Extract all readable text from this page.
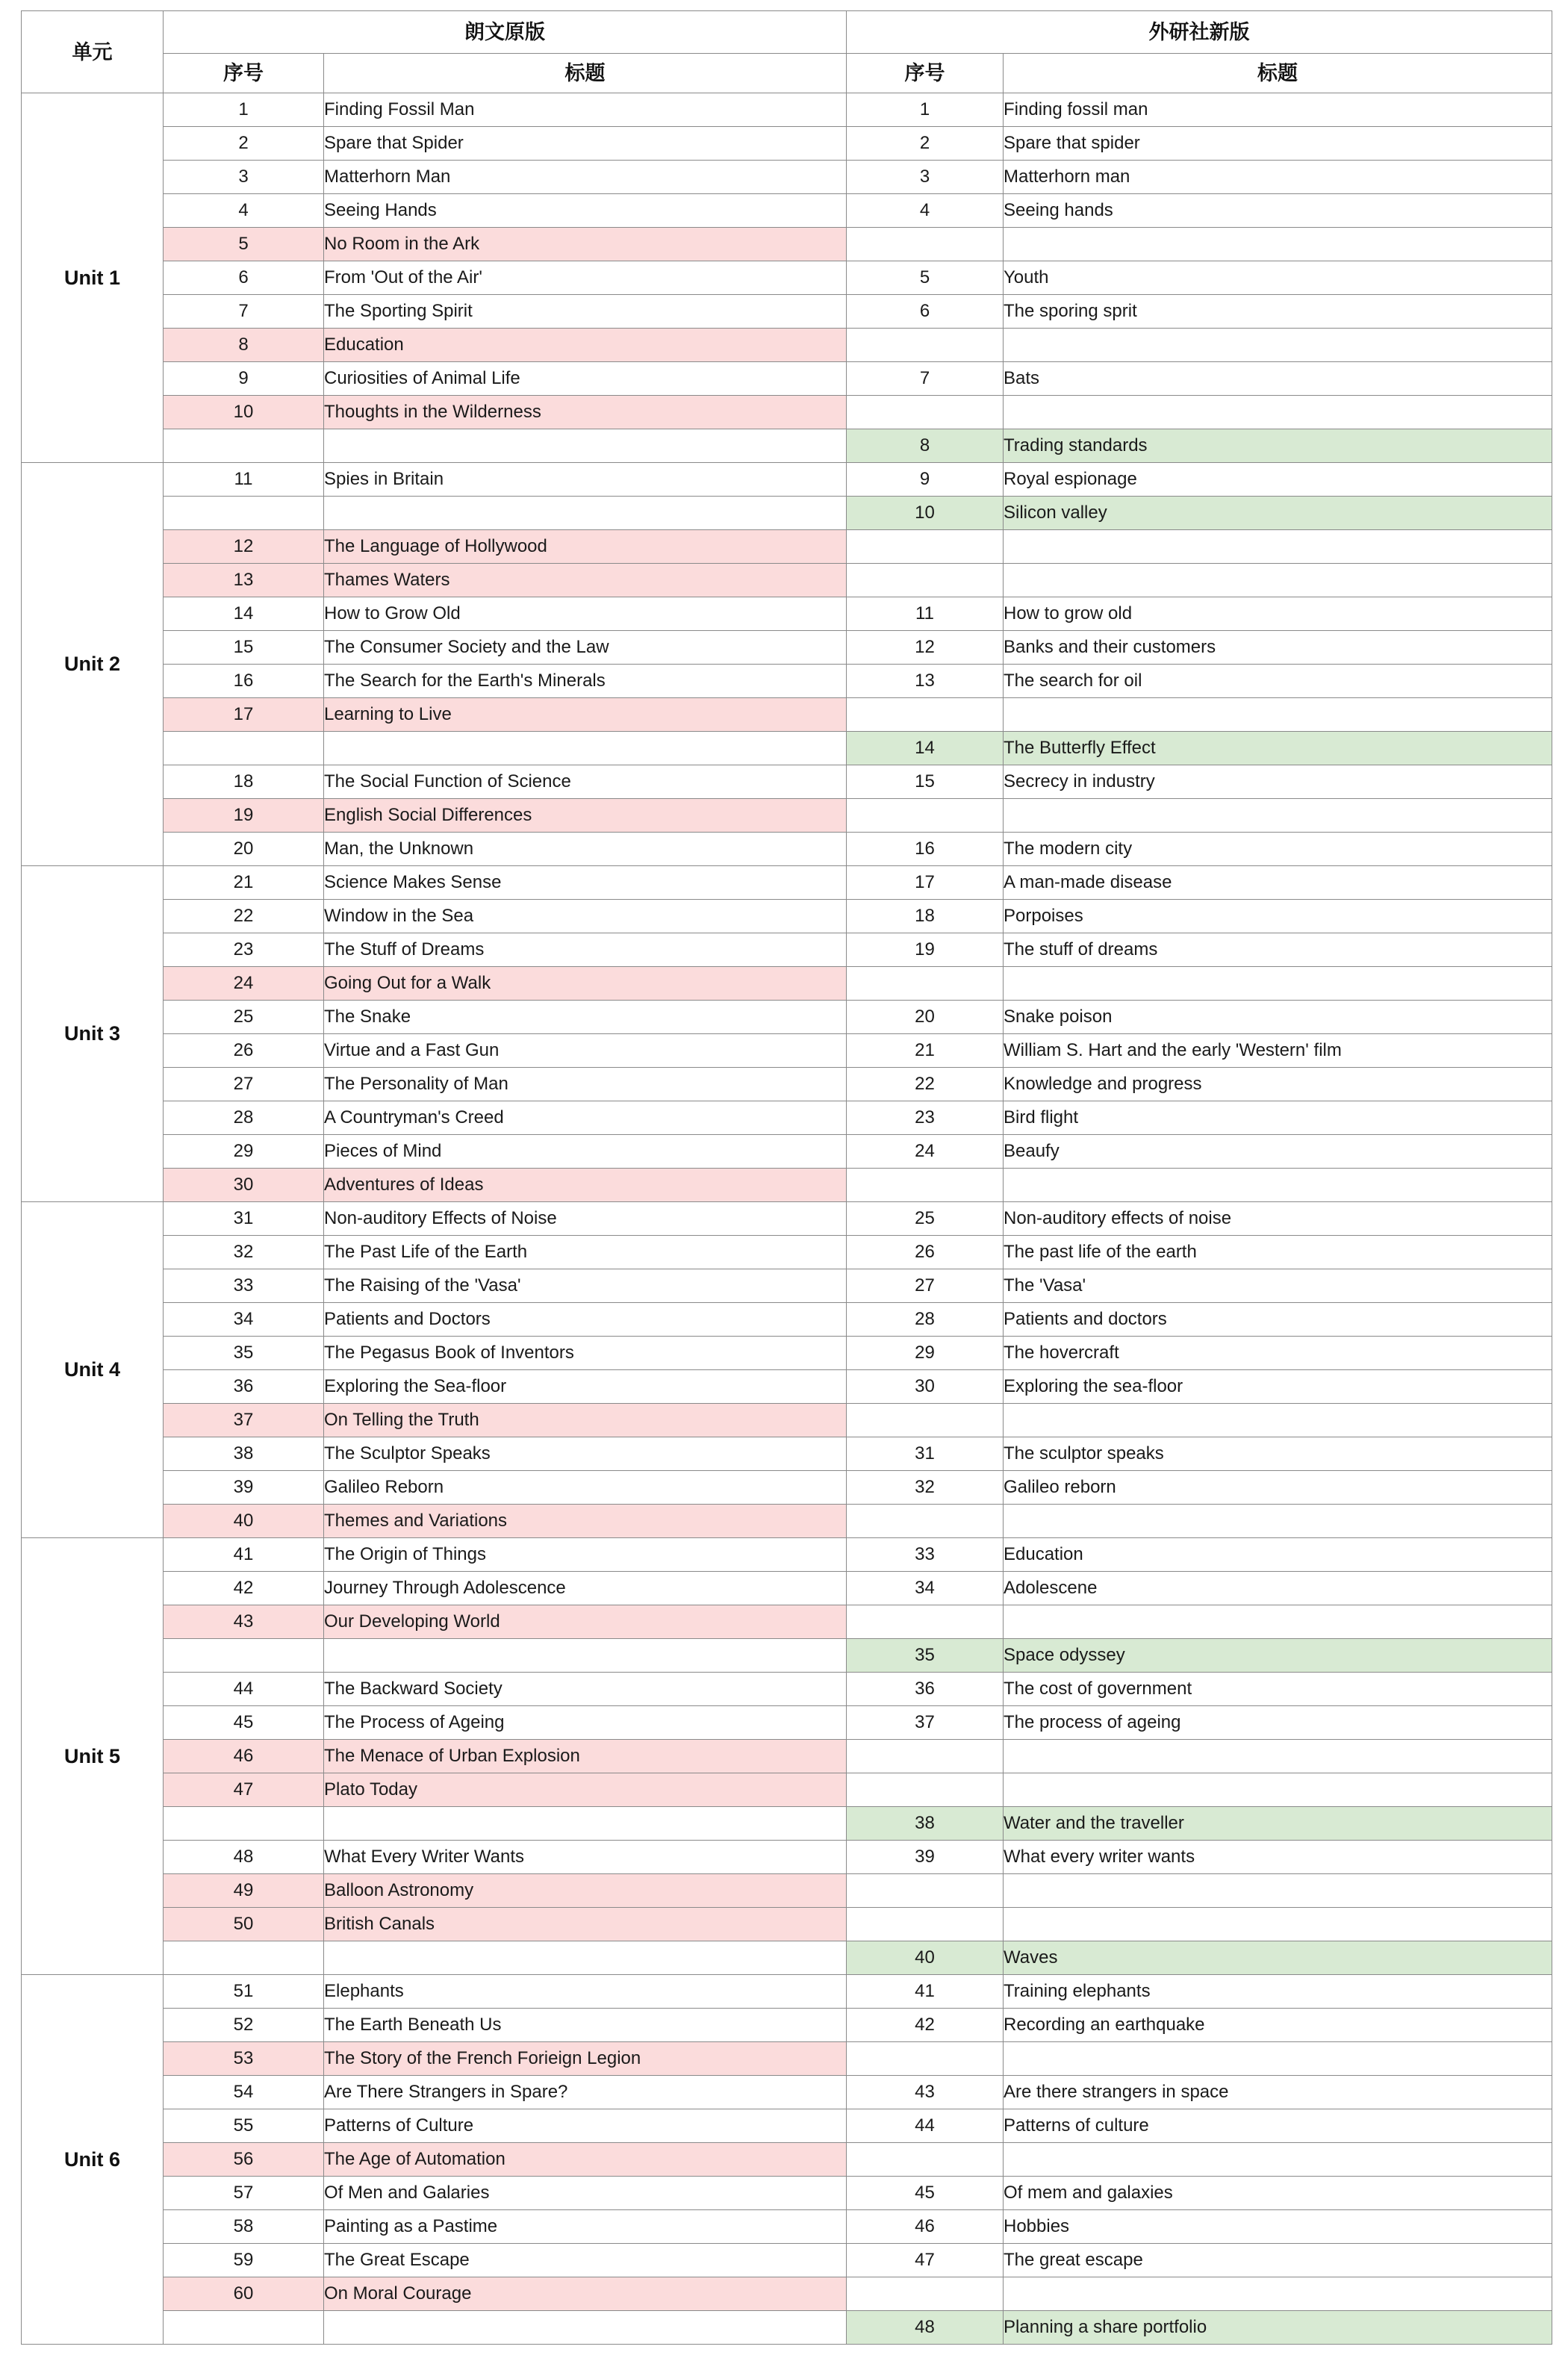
单元	朗文原版		外研社新版	
	序号	标题	序号	标题
Unit 1	1	Finding Fossil Man	1	Finding fossil man
	2	Spare that Spider	2	Spare that spider
	3	Matterhorn Man	3	Matterhorn man
	4	Seeing Hands	4	Seeing hands
	5	No Room in the Ark		
	6	From 'Out of the Air'	5	Youth
	7	The Sporting Spirit	6	The sporing sprit
	8	Education		
	9	Curiosities of Animal Life	7	Bats
	10	Thoughts in the Wilderness		
			8	Trading standards
Unit 2	11	Spies in Britain	9	Royal espionage
			10	Silicon valley
	12	The Language of Hollywood		
	13	Thames Waters		
	14	How to Grow Old	11	How to grow old
	15	The Consumer Society and the Law	12	Banks and their customers
	16	The Search for the Earth's Minerals	13	The search for oil
	17	Learning to Live		
			14	The Butterfly Effect
	18	The Social Function of Science	15	Secrecy in industry
	19	English Social Differences		
	20	Man, the Unknown	16	The modern city
Unit 3	21	Science Makes Sense	17	A man-made disease
	22	Window in the Sea	18	Porpoises
	23	The Stuff of Dreams	19	The stuff of dreams
	24	Going Out for a Walk		
	25	The Snake	20	Snake poison
	26	Virtue and a Fast Gun	21	William S. Hart and the early 'Western' film
	27	The Personality of Man	22	Knowledge and progress
	28	A Countryman's Creed	23	Bird flight
	29	Pieces of Mind	24	Beaufy
	30	Adventures of Ideas		
Unit 4	31	Non-auditory Effects of Noise	25	Non-auditory effects of noise
	32	The Past Life of the Earth	26	The past life of the earth
	33	The Raising of the 'Vasa'	27	The 'Vasa'
	34	Patients and Doctors	28	Patients and doctors
	35	The Pegasus Book of Inventors	29	The hovercraft
	36	Exploring the Sea-floor	30	Exploring the sea-floor
	37	On Telling the Truth		
	38	The Sculptor Speaks	31	The sculptor speaks
	39	Galileo Reborn	32	Galileo reborn
	40	Themes and Variations		
Unit 5	41	The Origin of Things	33	Education
	42	Journey Through Adolescence	34	Adolescene
	43	Our Developing World		
			35	Space odyssey
	44	The Backward Society	36	The cost of government
	45	The Process of Ageing	37	The process of ageing
	46	The Menace of Urban Explosion		
	47	Plato Today		
			38	Water and the traveller
	48	What Every Writer Wants	39	What every writer wants
	49	Balloon Astronomy		
	50	British Canals		
			40	Waves
Unit 6	51	Elephants	41	Training elephants
	52	The Earth Beneath Us	42	Recording an earthquake
	53	The Story of the French Forieign Legion		
	54	Are There Strangers in Spare?	43	Are there strangers in space
	55	Patterns of Culture	44	Patterns of culture
	56	The Age of Automation		
	57	Of Men and Galaries	45	Of mem and galaxies
	58	Painting as a Pastime	46	Hobbies
	59	The Great Escape	47	The great escape
	60	On Moral Courage		
			48	Planning a share portfolio
